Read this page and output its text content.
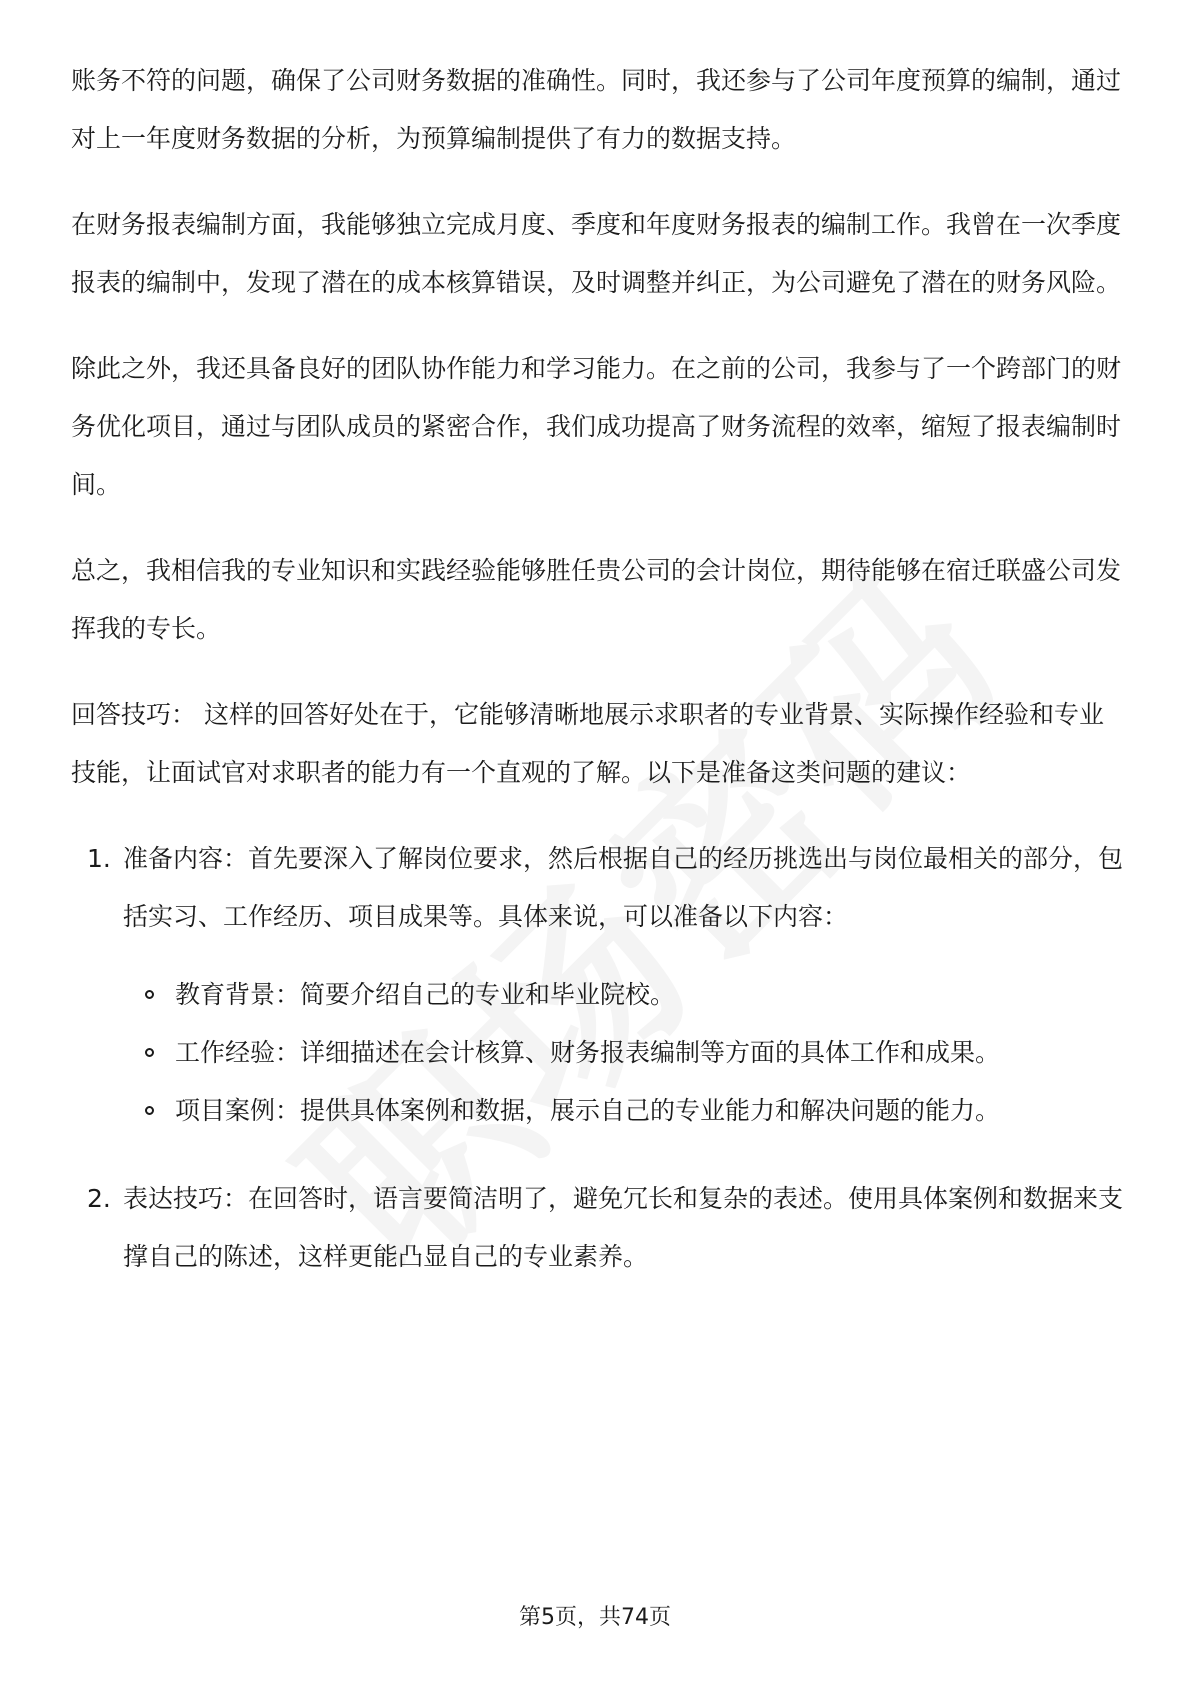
账务不符的问题，确保了公司财务数据的准确性。同时，我还参与了公司年度预算的编制，通过对上一年度财务数据的分析，为预算编制提供了有力的数据支持。

在财务报表编制方面，我能够独立完成月度、季度和年度财务报表的编制工作。我曾在一次季度报表的编制中，发现了潜在的成本核算错误，及时调整并纠正，为公司避免了潜在的财务风险。

除此之外，我还具备良好的团队协作能力和学习能力。在之前的公司，我参与了一个跨部门的财务优化项目，通过与团队成员的紧密合作，我们成功提高了财务流程的效率，缩短了报表编制时间。

总之，我相信我的专业知识和实践经验能够胜任贵公司的会计岗位，期待能够在宿迁联盛公司发挥我的专长。

回答技巧： 这样的回答好处在于，它能够清晰地展示求职者的专业背景、实际操作经验和专业技能，让面试官对求职者的能力有一个直观的了解。以下是准备这类问题的建议：

1. 准备内容：首先要深入了解岗位要求，然后根据自己的经历挑选出与岗位最相关的部分，包括实习、工作经历、项目成果等。具体来说，可以准备以下内容：
教育背景：简要介绍自己的专业和毕业院校。
工作经验：详细描述在会计核算、财务报表编制等方面的具体工作和成果。
项目案例：提供具体案例和数据，展示自己的专业能力和解决问题的能力。
2. 表达技巧：在回答时，语言要简洁明了，避免冗长和复杂的表述。使用具体案例和数据来支撑自己的陈述，这样更能凸显自己的专业素养。
第5页，共74页
